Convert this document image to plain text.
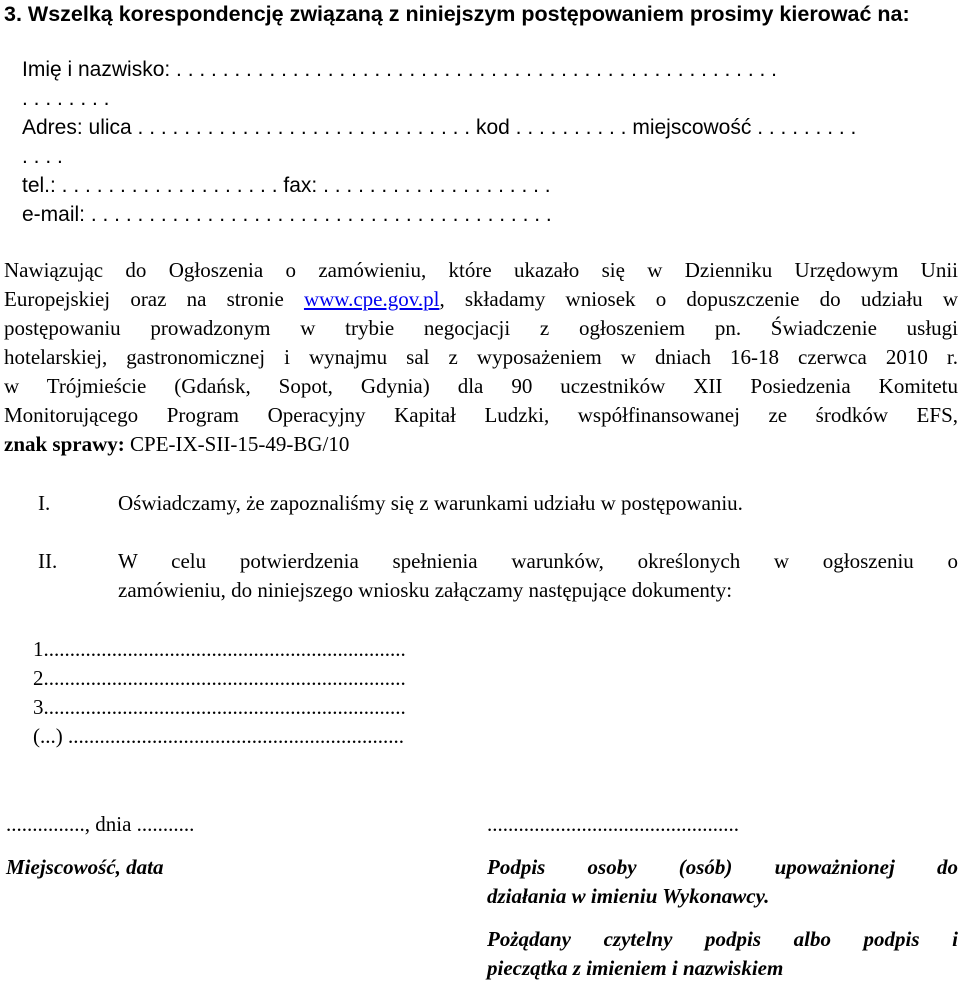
3. Wszelką korespondencję związaną z niniejszym postępowaniem prosimy kierować na:
Imię i nazwisko: . . . . . . . . . . . . . . . . . . . . . . . . . . . . . . . . . . . . . . . . . . . . . . . . . . . .
. . . . . . . .
Adres: ulica . . . . . . . . . . . . . . . . . . . . . . . . . . . . . kod . . . . . . . . . . miejscowość . . . . . . . . .
. . . .
tel.: . . . . . . . . . . . . . . . . . . . fax: . . . . . . . . . . . . . . . . . . . .
e-mail: . . . . . . . . . . . . . . . . . . . . . . . . . . . . . . . . . . . . . . . .
Nawiązując do Ogłoszenia o zamówieniu, które ukazało się w Dzienniku Urzędowym Unii
Europejskiej oraz na stronie www.cpe.gov.pl, składamy wniosek o dopuszczenie do udziału w
postępowaniu prowadzonym w trybie negocjacji z ogłoszeniem pn. Świadczenie usługi
hotelarskiej, gastronomicznej i wynajmu sal z wyposażeniem w dniach 16-18 czerwca 2010 r.
w Trójmieście (Gdańsk, Sopot, Gdynia) dla 90 uczestników XII Posiedzenia Komitetu
Monitorującego Program Operacyjny Kapitał Ludzki, współfinansowanej ze środków EFS,
znak sprawy: CPE-IX-SII-15-49-BG/10
I.	Oświadczamy, że zapoznaliśmy się z warunkami udziału w postępowaniu.
II.	W celu potwierdzenia spełnienia warunków, określonych w ogłoszeniu o
zamówieniu, do niniejszego wniosku załączamy następujące dokumenty:
1.....................................................................
2.....................................................................
3.....................................................................
(...) ................................................................
..............., dnia ...........	................................................
Miejscowość, data	Podpis osoby (osób) upoważnionej do
działania w imieniu Wykonawcy.
Pożądany czytelny podpis albo podpis i
pieczątka z imieniem i nazwiskiem
